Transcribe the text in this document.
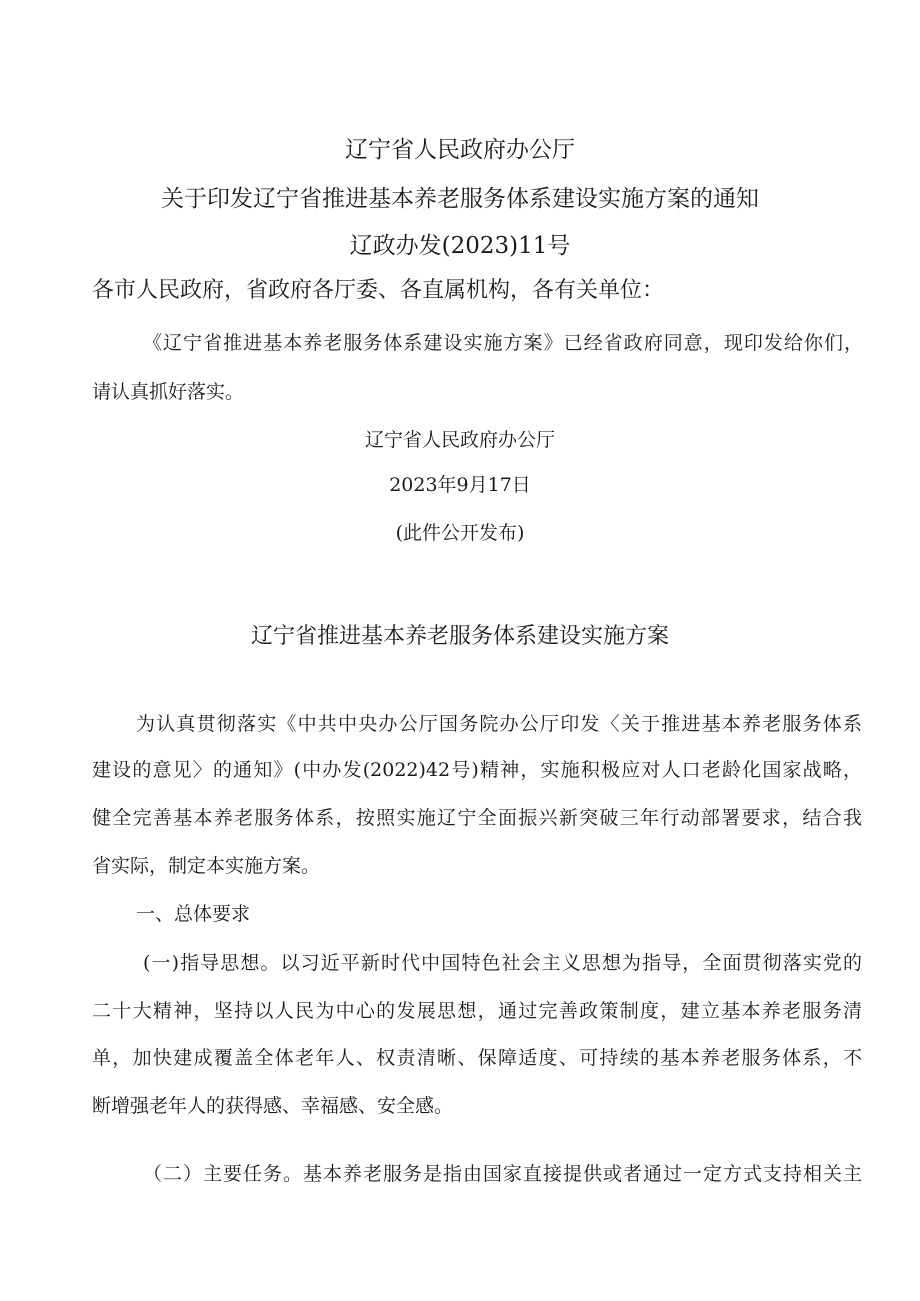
辽宁省人民政府办公厅
关于印发辽宁省推进基本养老服务体系建设实施方案的通知
辽政办发(2023)11号
各市人民政府，省政府各厅委、各直属机构，各有关单位：
《辽宁省推进基本养老服务体系建设实施方案》已经省政府同意，现印发给你们，
请认真抓好落实。
辽宁省人民政府办公厅
2023年9月17日
(此件公开发布)
辽宁省推进基本养老服务体系建设实施方案
为认真贯彻落实《中共中央办公厅国务院办公厅印发〈关于推进基本养老服务体系
建设的意见〉的通知》(中办发(2022)42号)精神，实施积极应对人口老龄化国家战略，
健全完善基本养老服务体系，按照实施辽宁全面振兴新突破三年行动部署要求，结合我
省实际，制定本实施方案。
一、总体要求
(一)指导思想。以习近平新时代中国特色社会主义思想为指导，全面贯彻落实党的
二十大精神，坚持以人民为中心的发展思想，通过完善政策制度，建立基本养老服务清
单，加快建成覆盖全体老年人、权责清晰、保障适度、可持续的基本养老服务体系，不
断增强老年人的获得感、幸福感、安全感。
（二）主要任务。基本养老服务是指由国家直接提供或者通过一定方式支持相关主
